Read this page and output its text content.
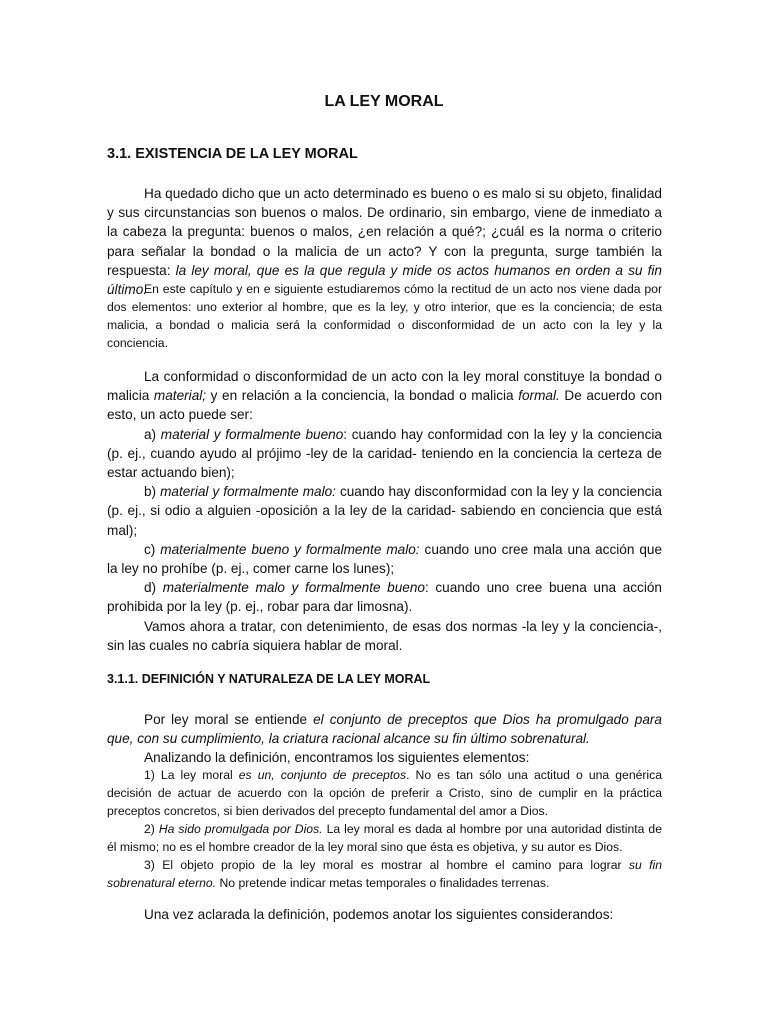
LA LEY MORAL
3.1. EXISTENCIA DE LA LEY MORAL

Ha quedado dicho que un acto determinado es bueno o es malo si su objeto, finalidad y sus circunstancias son buenos o malos. De ordinario, sin embargo, viene de inmediato a la cabeza la pregunta: buenos o malos, ¿en relación a qué?; ¿cuál es la norma o criterio para señalar la bondad o la malicia de un acto? Y con la pregunta, surge también la respuesta: la ley moral, que es la que regula y mide os actos humanos en orden a su fin último.

En este capítulo y en e siguiente estudiaremos cómo la rectitud de un acto nos viene dada por dos elementos: uno exterior al hombre, que es la ley, y otro interior, que es la conciencia; de esta malicia, a bondad o malicia será la conformidad o disconformidad de un acto con la ley y la conciencia.

La conformidad o disconformidad de un acto con la ley moral constituye la bondad o malicia material; y en relación a la conciencia, la bondad o malicia formal. De acuerdo con esto, un acto puede ser:

a) material y formalmente bueno: cuando hay conformidad con la ley y la conciencia (p. ej., cuando ayudo al prójimo -ley de la caridad- teniendo en la conciencia la certeza de estar actuando bien);

b) material y formalmente malo: cuando hay disconformidad con la ley y la conciencia (p. ej., si odio a alguien -oposición a la ley de la caridad- sabiendo en conciencia que está mal);

c) materialmente bueno y formalmente malo: cuando uno cree mala una acción que la ley no prohíbe (p. ej., comer carne los lunes);

d) materialmente malo y formalmente bueno: cuando uno cree buena una acción prohibida por la ley (p. ej., robar para dar limosna).

Vamos ahora a tratar, con detenimiento, de esas dos normas -la ley y la conciencia-, sin las cuales no cabría siquiera hablar de moral.

3.1.1. DEFINICIÓN Y NATURALEZA DE LA LEY MORAL

Por ley moral se entiende el conjunto de preceptos que Dios ha promulgado para que, con su cumplimiento, la criatura racional alcance su fin último sobrenatural.

Analizando la definición, encontramos los siguientes elementos:

1) La ley moral es un, conjunto de preceptos. No es tan sólo una actitud o una genérica decisión de actuar de acuerdo con la opción de preferir a Cristo, sino de cumplir en la práctica preceptos concretos, si bien derivados del precepto fundamental del amor a Dios.

2) Ha sido promulgada por Dios. La ley moral es dada al hombre por una autoridad distinta de él mismo; no es el hombre creador de la ley moral sino que ésta es objetiva, y su autor es Dios.

3) El objeto propio de la ley moral es mostrar al hombre el camino para lograr su fin sobrenatural eterno. No pretende indicar metas temporales o finalidades terrenas.

Una vez aclarada la definición, podemos anotar los siguientes considerandos:
